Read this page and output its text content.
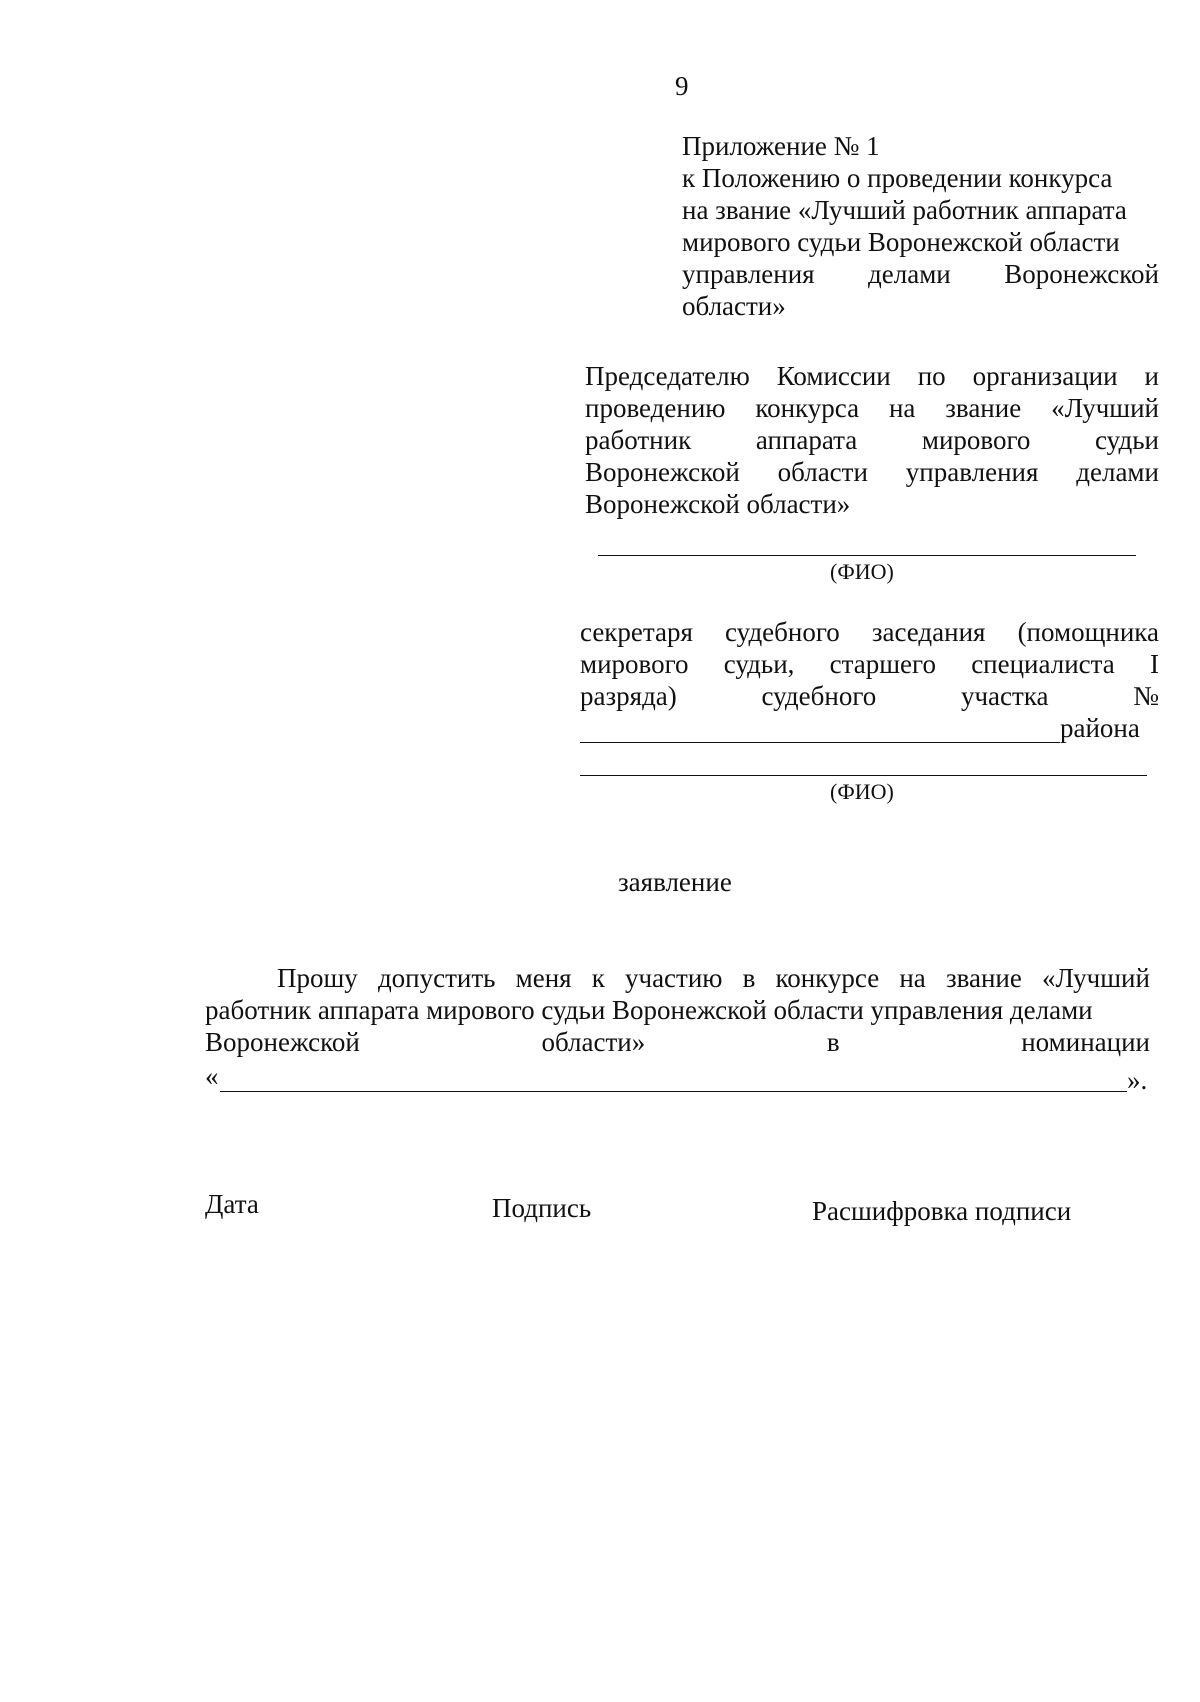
9
Приложение № 1
к Положению о проведении конкурса
на звание «Лучший работник аппарата
мирового судьи Воронежской области
управления делами Воронежской
области»
Председателю Комиссии по организации и
проведению конкурса на звание «Лучший
работник аппарата мирового судьи
Воронежской области управления делами
Воронежской области»
(ФИО)
секретаря судебного заседания (помощника
мирового судьи, старшего специалиста I
разряда)	судебного	участка	№
района
(ФИО)
заявление
Прошу допустить меня к участию в конкурсе на звание «Лучший
работник аппарата мирового судьи Воронежской области управления делами
Воронежской	области»	в	номинации
«	».
Дата	Подпись	Расшифровка подписи
